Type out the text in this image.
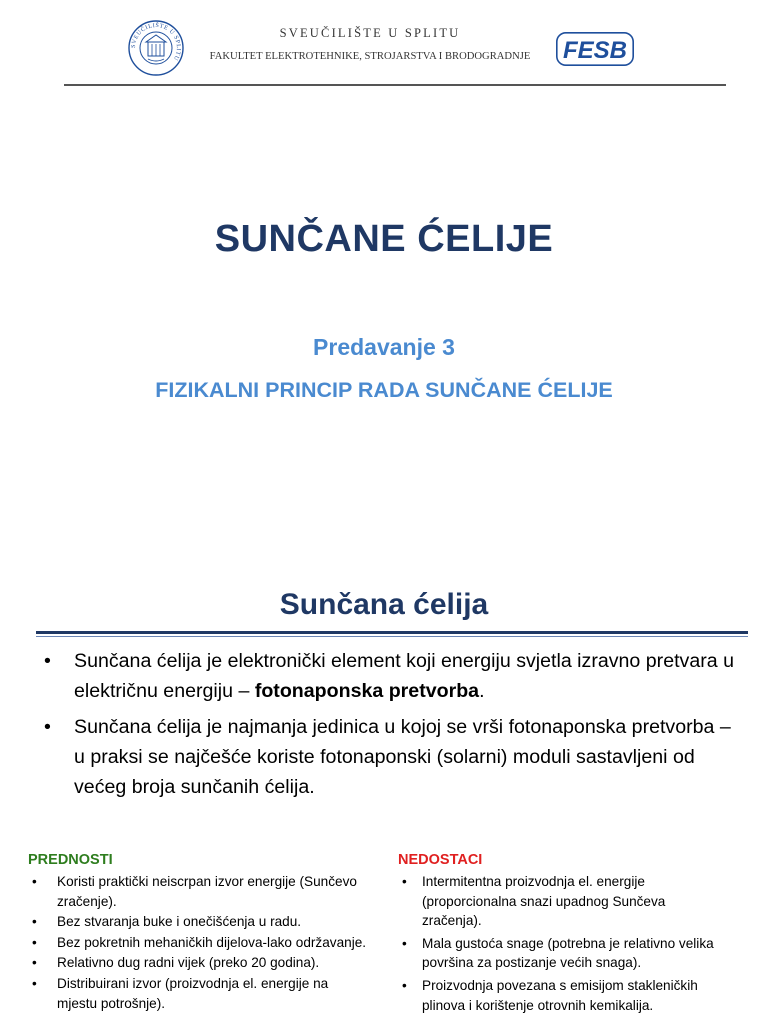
SVEUČILIŠTE U SPLITU
SVEUČILIŠTE U SPLITU
FAKULTET ELEKTROTEHNIKE, STROJARSTVA I BRODOGRADNJE	FESB
SUNČANE ĆELIJE
Predavanje 3
FIZIKALNI PRINCIP RADA SUNČANE ĆELIJE
Sunčana ćelija
• Sunčana ćelija je elektronički element koji energiju svjetla izravno pretvara u električnu energiju – fotonaponska pretvorba.
• Sunčana ćelija je najmanja jedinica u kojoj se vrši fotonaponska pretvorba – u praksi se najčešće koriste fotonaponski (solarni) moduli sastavljeni od većeg broja sunčanih ćelija.
PREDNOSTI
• Koristi praktički neiscrpan izvor energije (Sunčevo zračenje).
• Bez stvaranja buke i onečišćenja u radu.
• Bez pokretnih mehaničkih dijelova-lako održavanje.
• Relativno dug radni vijek (preko 20 godina).
• Distribuirani izvor (proizvodnja el. energije na mjestu potrošnje).
NEDOSTACI
• Intermitentna proizvodnja el. energije (proporcionalna snazi upadnog Sunčeva zračenja).
• Mala gustoća snage (potrebna je relativno velika površina za postizanje većih snaga).
• Proizvodnja povezana s emisijom stakleničkih plinova i korištenje otrovnih kemikalija.
